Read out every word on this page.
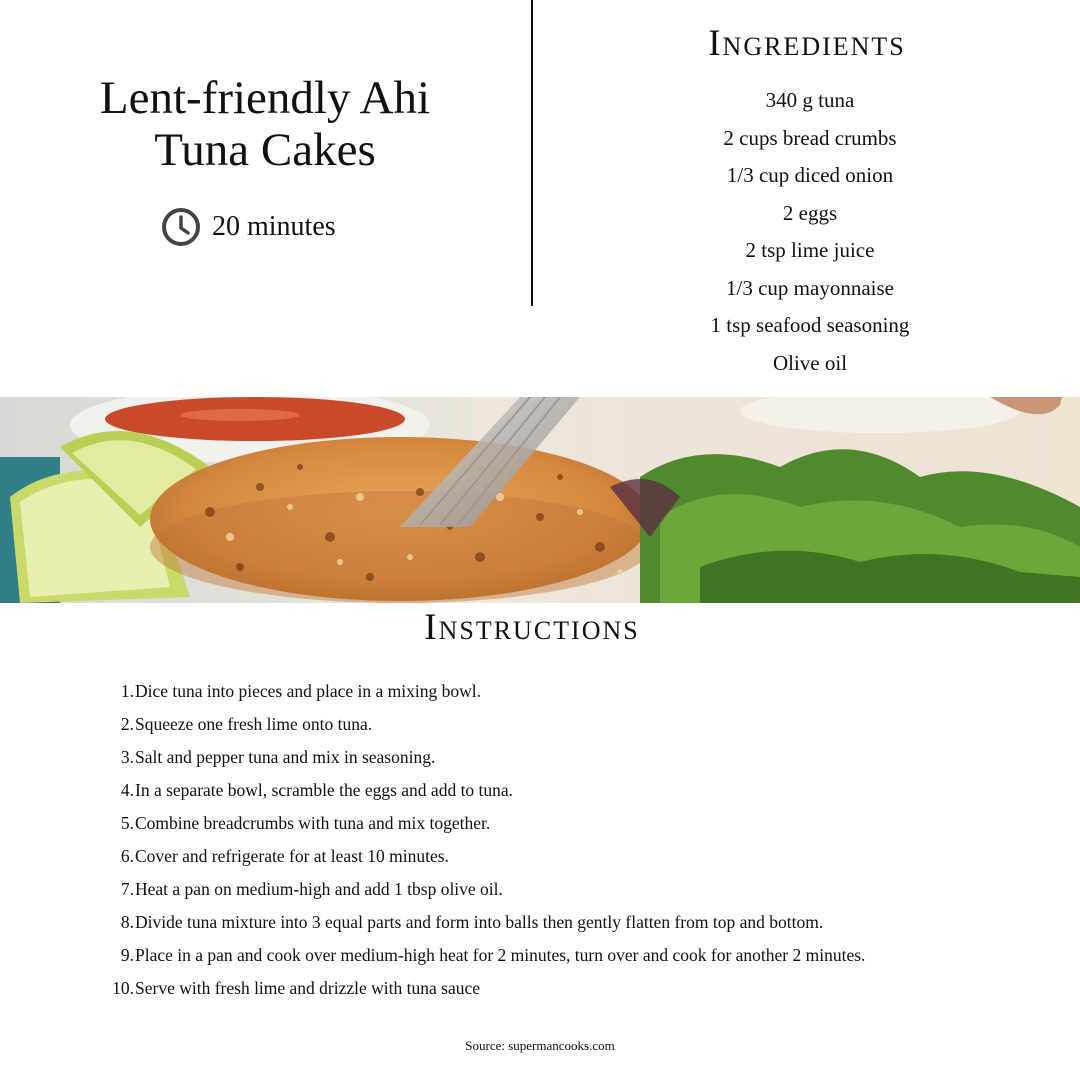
Lent-friendly Ahi
Tuna Cakes
20 minutes
Ingredients
340 g tuna
2 cups bread crumbs
1/3 cup diced onion
2 eggs
2 tsp lime juice
1/3 cup mayonnaise
1 tsp seafood seasoning
Olive oil
Instructions
1. Dice tuna into pieces and place in a mixing bowl.
2. Squeeze one fresh lime onto tuna.
3. Salt and pepper tuna and mix in seasoning.
4. In a separate bowl, scramble the eggs and add to tuna.
5. Combine breadcrumbs with tuna and mix together.
6. Cover and refrigerate for at least 10 minutes.
7. Heat a pan on medium-high and add 1 tbsp olive oil.
8. Divide tuna mixture into 3 equal parts and form into balls then gently flatten from top and bottom.
9. Place in a pan and cook over medium-high heat for 2 minutes, turn over and cook for another 2 minutes.
10. Serve with fresh lime and drizzle with tuna sauce
Source: supermancooks.com
